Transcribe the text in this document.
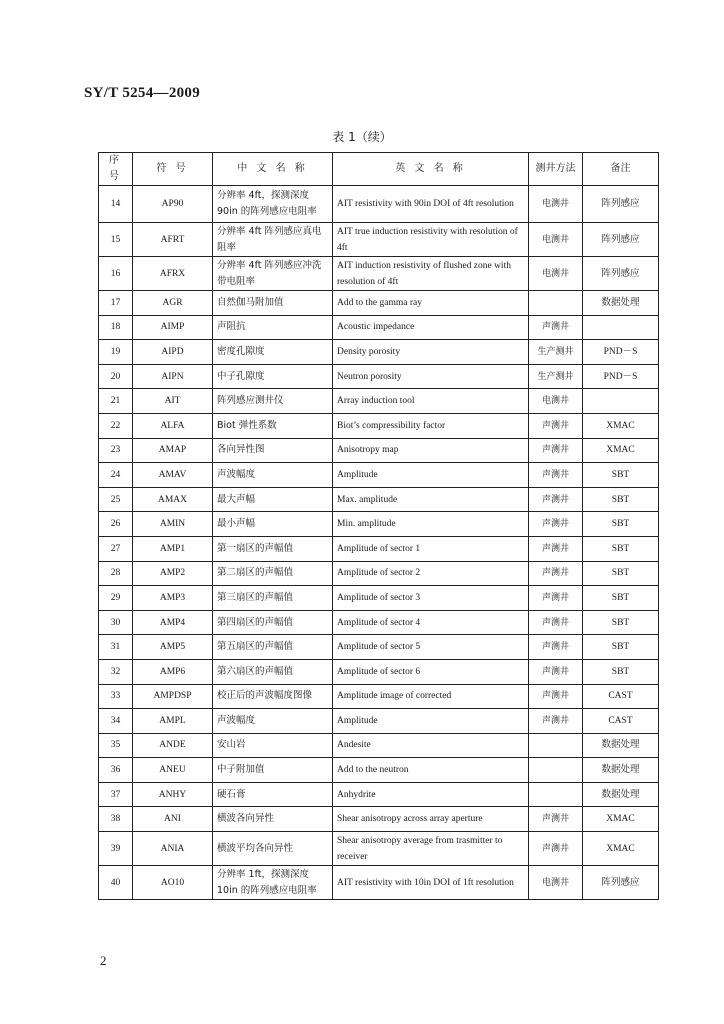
SY/T 5254—2009
表 1（续）
序号	符 号	中 文 名 称	英 文 名 称	测井方法	备注
14	AP90	分辨率 4ft，探测深度 90in 的阵列感应电阻率	AIT resistivity with 90in DOI of 4ft resolution	电测井	阵列感应
15	AFRT	分辨率 4ft 阵列感应真电阻率	AIT true induction resistivity with resolution of 4ft	电测井	阵列感应
16	AFRX	分辨率 4ft 阵列感应冲洗带电阻率	AIT induction resistivity of flushed zone with resolution of 4ft	电测井	阵列感应
17	AGR	自然伽马附加值	Add to the gamma ray		数据处理
18	AIMP	声阻抗	Acoustic impedance	声测井	
19	AIPD	密度孔隙度	Density porosity	生产测井	PND－S
20	AIPN	中子孔隙度	Neutron porosity	生产测井	PND－S
21	AIT	阵列感应测井仪	Array induction tool	电测井	
22	ALFA	Biot 弹性系数	Biot’s compressibility factor	声测井	XMAC
23	AMAP	各向异性图	Anisotropy map	声测井	XMAC
24	AMAV	声波幅度	Amplitude	声测井	SBT
25	AMAX	最大声幅	Max. amplitude	声测井	SBT
26	AMIN	最小声幅	Min. amplitude	声测井	SBT
27	AMP1	第一扇区的声幅值	Amplitude of sector 1	声测井	SBT
28	AMP2	第二扇区的声幅值	Amplitude of sector 2	声测井	SBT
29	AMP3	第三扇区的声幅值	Amplitude of sector 3	声测井	SBT
30	AMP4	第四扇区的声幅值	Amplitude of sector 4	声测井	SBT
31	AMP5	第五扇区的声幅值	Amplitude of sector 5	声测井	SBT
32	AMP6	第六扇区的声幅值	Amplitude of sector 6	声测井	SBT
33	AMPDSP	校正后的声波幅度图像	Amplitude image of corrected	声测井	CAST
34	AMPL	声波幅度	Amplitude	声测井	CAST
35	ANDE	安山岩	Andesite		数据处理
36	ANEU	中子附加值	Add to the neutron		数据处理
37	ANHY	硬石膏	Anhydrite		数据处理
38	ANI	横波各向异性	Shear anisotropy across array aperture	声测井	XMAC
39	ANIA	横波平均各向异性	Shear anisotropy average from trasmitter to receiver	声测井	XMAC
40	AO10	分辨率 1ft，探测深度 10in 的阵列感应电阻率	AIT resistivity with 10in DOI of 1ft resolution	电测井	阵列感应
2
